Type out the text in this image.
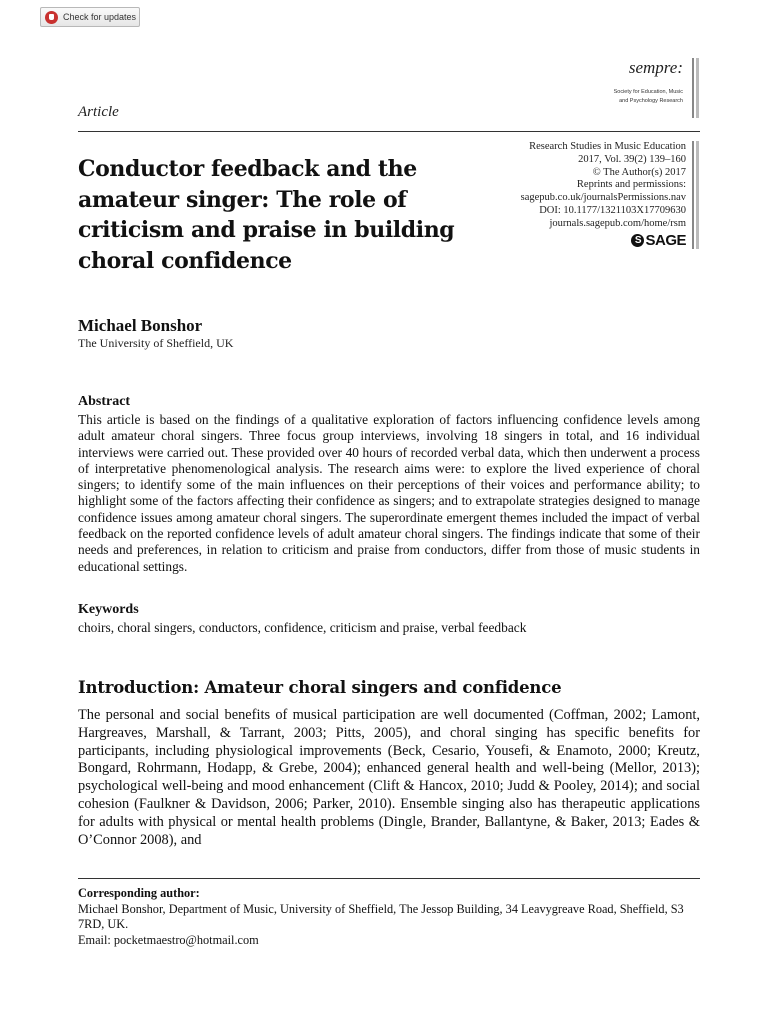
Check for updates
sempre:
Society for Education, Music
and Psychology Research
Article
Research Studies in Music Education
2017, Vol. 39(2) 139–160
© The Author(s) 2017
Reprints and permissions:
sagepub.co.uk/journalsPermissions.nav
DOI: 10.1177/1321103X17709630
journals.sagepub.com/home/rsm
S SAGE
Conductor feedback and the amateur singer: The role of criticism and praise in building choral confidence
Michael Bonshor
The University of Sheffield, UK
Abstract

This article is based on the findings of a qualitative exploration of factors influencing confidence levels among adult amateur choral singers. Three focus group interviews, involving 18 singers in total, and 16 individual interviews were carried out. These provided over 40 hours of recorded verbal data, which then underwent a process of interpretative phenomenological analysis. The research aims were: to explore the lived experience of choral singers; to identify some of the main influences on their perceptions of their voices and performance ability; to highlight some of the factors affecting their confidence as singers; and to extrapolate strategies designed to manage confidence issues among amateur choral singers. The superordinate emergent themes included the impact of verbal feedback on the reported confidence levels of adult amateur choral singers. The findings indicate that some of their needs and preferences, in relation to criticism and praise from conductors, differ from those of music students in educational settings.

Keywords
choirs, choral singers, conductors, confidence, criticism and praise, verbal feedback
Introduction: Amateur choral singers and confidence

The personal and social benefits of musical participation are well documented (Coffman, 2002; Lamont, Hargreaves, Marshall, & Tarrant, 2003; Pitts, 2005), and choral singing has specific benefits for participants, including physiological improvements (Beck, Cesario, Yousefi, & Enamoto, 2000; Kreutz, Bongard, Rohrmann, Hodapp, & Grebe, 2004); enhanced general health and well-being (Mellor, 2013); psychological well-being and mood enhancement (Clift & Hancox, 2010; Judd & Pooley, 2014); and social cohesion (Faulkner & Davidson, 2006; Parker, 2010). Ensemble singing also has therapeutic applications for adults with physical or mental health problems (Dingle, Brander, Ballantyne, & Baker, 2013; Eades & O’Connor 2008), and

Corresponding author:
Michael Bonshor, Department of Music, University of Sheffield, The Jessop Building, 34 Leavygreave Road, Sheffield, S3 7RD, UK.
Email: pocketmaestro@hotmail.com
